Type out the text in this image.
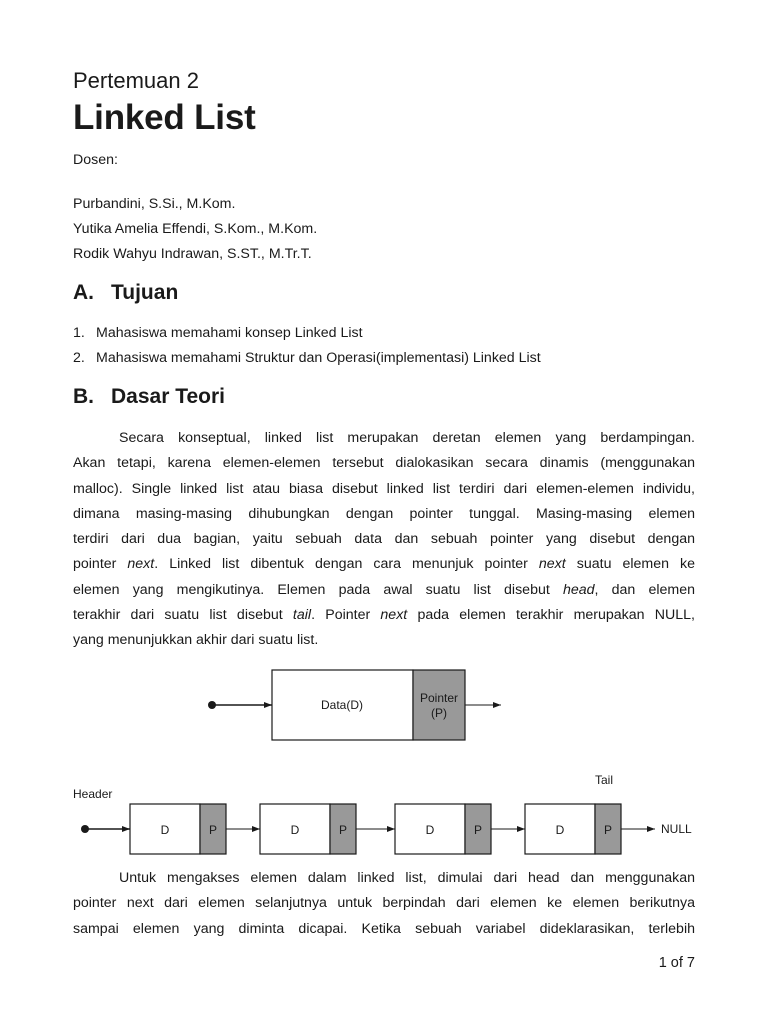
Pertemuan 2
Linked List
Dosen:
Purbandini, S.Si., M.Kom.
Yutika Amelia Effendi, S.Kom., M.Kom.
Rodik Wahyu Indrawan, S.ST., M.Tr.T.
A. Tujuan
1. Mahasiswa memahami konsep Linked List
2. Mahasiswa memahami Struktur dan Operasi(implementasi) Linked List
B. Dasar Teori
Secara konseptual, linked list merupakan deretan elemen yang berdampingan.
Akan tetapi, karena elemen-elemen tersebut dialokasikan secara dinamis (menggunakan
malloc). Single linked list atau biasa disebut linked list terdiri dari elemen-elemen individu,
dimana masing-masing dihubungkan dengan pointer tunggal. Masing-masing elemen
terdiri dari dua bagian, yaitu sebuah data dan sebuah pointer yang disebut dengan
pointer next. Linked list dibentuk dengan cara menunjuk pointer next suatu elemen ke
elemen yang mengikutinya. Elemen pada awal suatu list disebut head, dan elemen
terakhir dari suatu list disebut tail. Pointer next pada elemen terakhir merupakan NULL,
yang menunjukkan akhir dari suatu list.
Data(D)	Pointer
(P)
Header
Tail
D	P	D	P	D	P	D	P	NULL
Untuk mengakses elemen dalam linked list, dimulai dari head dan menggunakan
pointer next dari elemen selanjutnya untuk berpindah dari elemen ke elemen berikutnya
sampai elemen yang diminta dicapai. Ketika sebuah variabel dideklarasikan, terlebih
1 of 7
